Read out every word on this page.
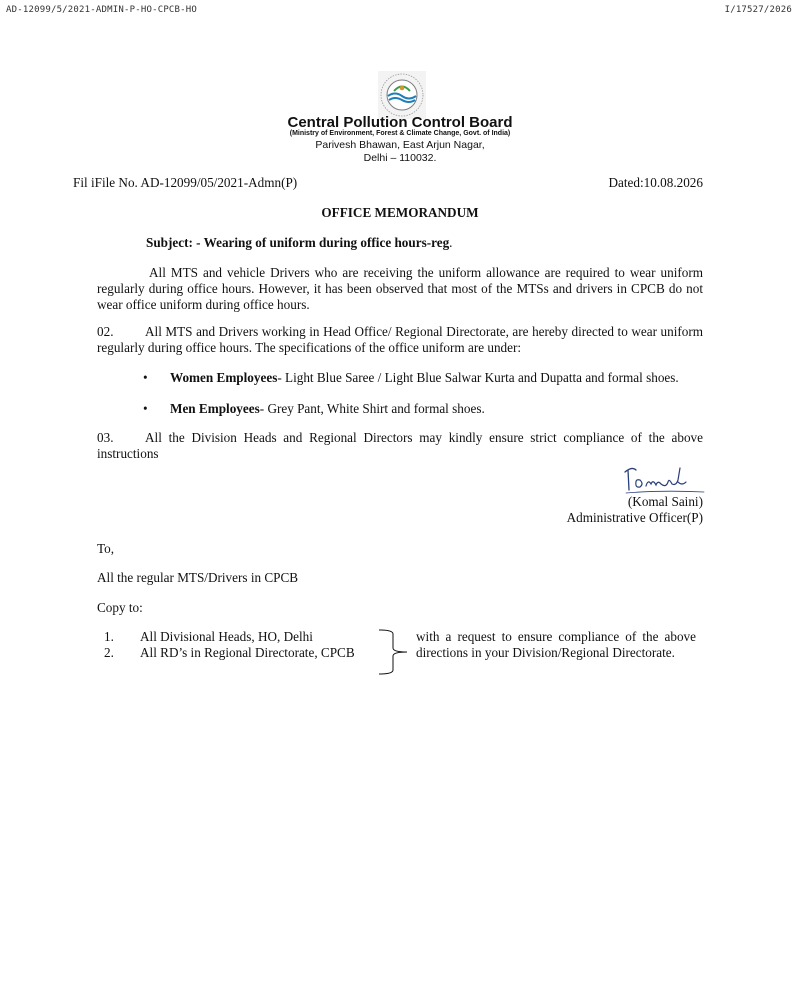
AD-12099/5/2021-ADMIN-P-HO-CPCB-HO	I/17527/2026
Central Pollution Control Board
(Ministry of Environment, Forest & Climate Change, Govt. of India)
Parivesh Bhawan, East Arjun Nagar,
Delhi – 110032.
Fil iFile No. AD-12099/05/2021-Admn(P)	Dated:10.08.2026
OFFICE MEMORANDUM
Subject: - Wearing of uniform during office hours-reg.
All MTS and vehicle Drivers who are receiving the uniform allowance are required to wear uniform regularly during office hours. However, it has been observed that most of the MTSs and drivers in CPCB do not wear office uniform during office hours.
02. All MTS and Drivers working in Head Office/ Regional Directorate, are hereby directed to wear uniform regularly during office hours. The specifications of the office uniform are under:
• Women Employees- Light Blue Saree / Light Blue Salwar Kurta and Dupatta and formal shoes.
• Men Employees- Grey Pant, White Shirt and formal shoes.
03. All the Division Heads and Regional Directors may kindly ensure strict compliance of the above instructions
(Komal Saini)
Administrative Officer(P)
To,
All the regular MTS/Drivers in CPCB
Copy to:
1. All Divisional Heads, HO, Delhi
2. All RD’s in Regional Directorate, CPCB
with a request to ensure compliance of the above directions in your Division/Regional Directorate.
